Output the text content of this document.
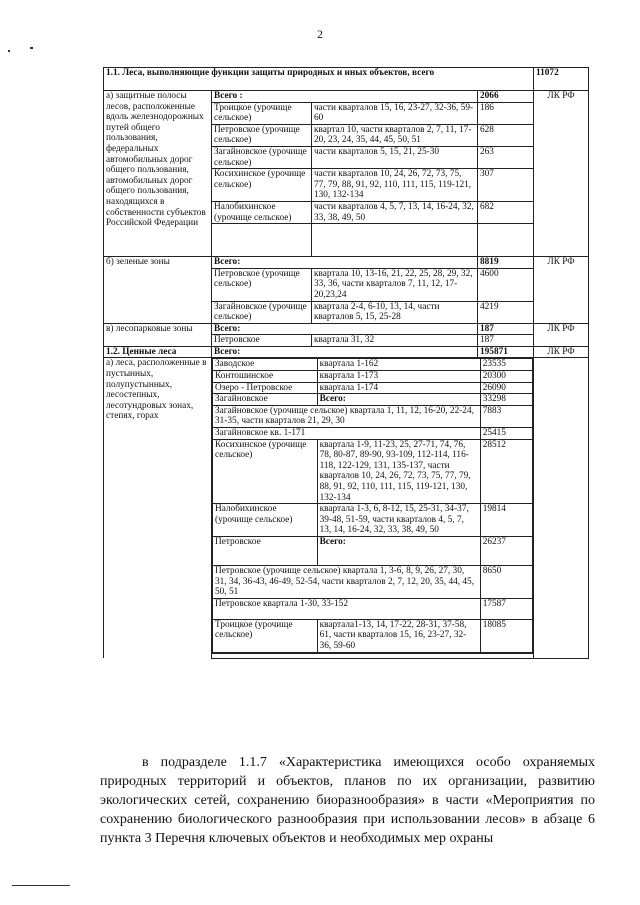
2
1.1. Леса, выполняющие функции защиты природных и иных объектов, всего	11072
а) защитные полосы лесов, расположенные вдоль железнодорожных путей общего пользования, федеральных автомобильных дорог общего пользования, автомобильных дорог общего пользования, находящихся в собственности субъектов Российской Федерации	Всего :	2066	ЛК РФ
Троицкое (урочище сельское)	части кварталов 15, 16, 23-27, 32-36, 59-60	186
Петровское (урочище сельское)	квартал 10, части кварталов 2, 7, 11, 17-20, 23, 24, 35, 44, 45, 50, 51	628
Загайновское (урочище сельское)	части кварталов 5, 15, 21, 25-30	263
Косихинское (урочище сельское)	части кварталов 10, 24, 26, 72, 73, 75, 77, 79, 88, 91, 92, 110, 111, 115, 119-121, 130, 132-134	307
Налобихинское (урочище сельское)	части кварталов 4, 5, 7, 13, 14, 16-24, 32, 33, 38, 49, 50	682

б) зеленые зоны	Всего:	8819	ЛК РФ
Петровское (урочище сельское)	квартала 10, 13-16, 21, 22, 25, 28, 29, 32, 33, 36, части кварталов 7, 11, 12, 17-20,23,24	4600
Загайновское (урочище сельское)	квартала 2-4, 6-10, 13, 14, части кварталов 5, 15, 25-28	4219
в) лесопарковые зоны	Всего:	187	ЛК РФ
Петровское	квартала 31, 32	187
1.2. Ценные леса	Всего:	195871	ЛК РФ
а) леса, расположенные в пустынных, полупустынных, лесостепных, лесотундровых зонах, степях, горах	
Заводское	квартала 1-162	23535
Контошинское	квартала 1-173	20300
Озеро - Петровское	квартала 1-174	26090
Загайновское	Всего:	33298
Загайновское (урочище сельское) квартала 1, 11, 12, 16-20, 22-24, 31-35, части кварталов 21, 29, 30	7883
Загайновское кв. 1-171	25415
Косихинское (урочище сельское)	квартала 1-9, 11-23, 25, 27-71, 74, 76, 78, 80-87, 89-90, 93-109, 112-114, 116-118, 122-129, 131, 135-137, части кварталов 10, 24, 26, 72, 73, 75, 77, 79, 88, 91, 92, 110, 111, 115, 119-121, 130, 132-134	28512
Налобихинское (урочище сельское)	квартала 1-3, 6, 8-12, 15, 25-31, 34-37, 39-48, 51-59, части кварталов 4, 5, 7, 13, 14, 16-24, 32, 33, 38, 49, 50	19814
Петровское	Всего:	26237
Петровское (урочище сельское) квартала 1, 3-6, 8, 9, 26, 27, 30, 31, 34, 36-43, 46-49, 52-54, части кварталов 2, 7, 12, 20, 35, 44, 45, 50, 51	8650
Петровское квартала 1-30, 33-152	17587
Троицкое (урочище сельское)	квартала1-13, 14, 17-22, 28-31, 37-58, 61, части кварталов 15, 16, 23-27, 32-36, 59-60	18085

в подразделе 1.1.7 «Характеристика имеющихся особо охраняемых природных территорий и объектов, планов по их организации, развитию экологических сетей, сохранению биоразнообразия» в части «Мероприятия по сохранению биологического разнообразия при использовании лесов» в абзаце 6 пункта 3 Перечня ключевых объектов и необходимых мер охраны
